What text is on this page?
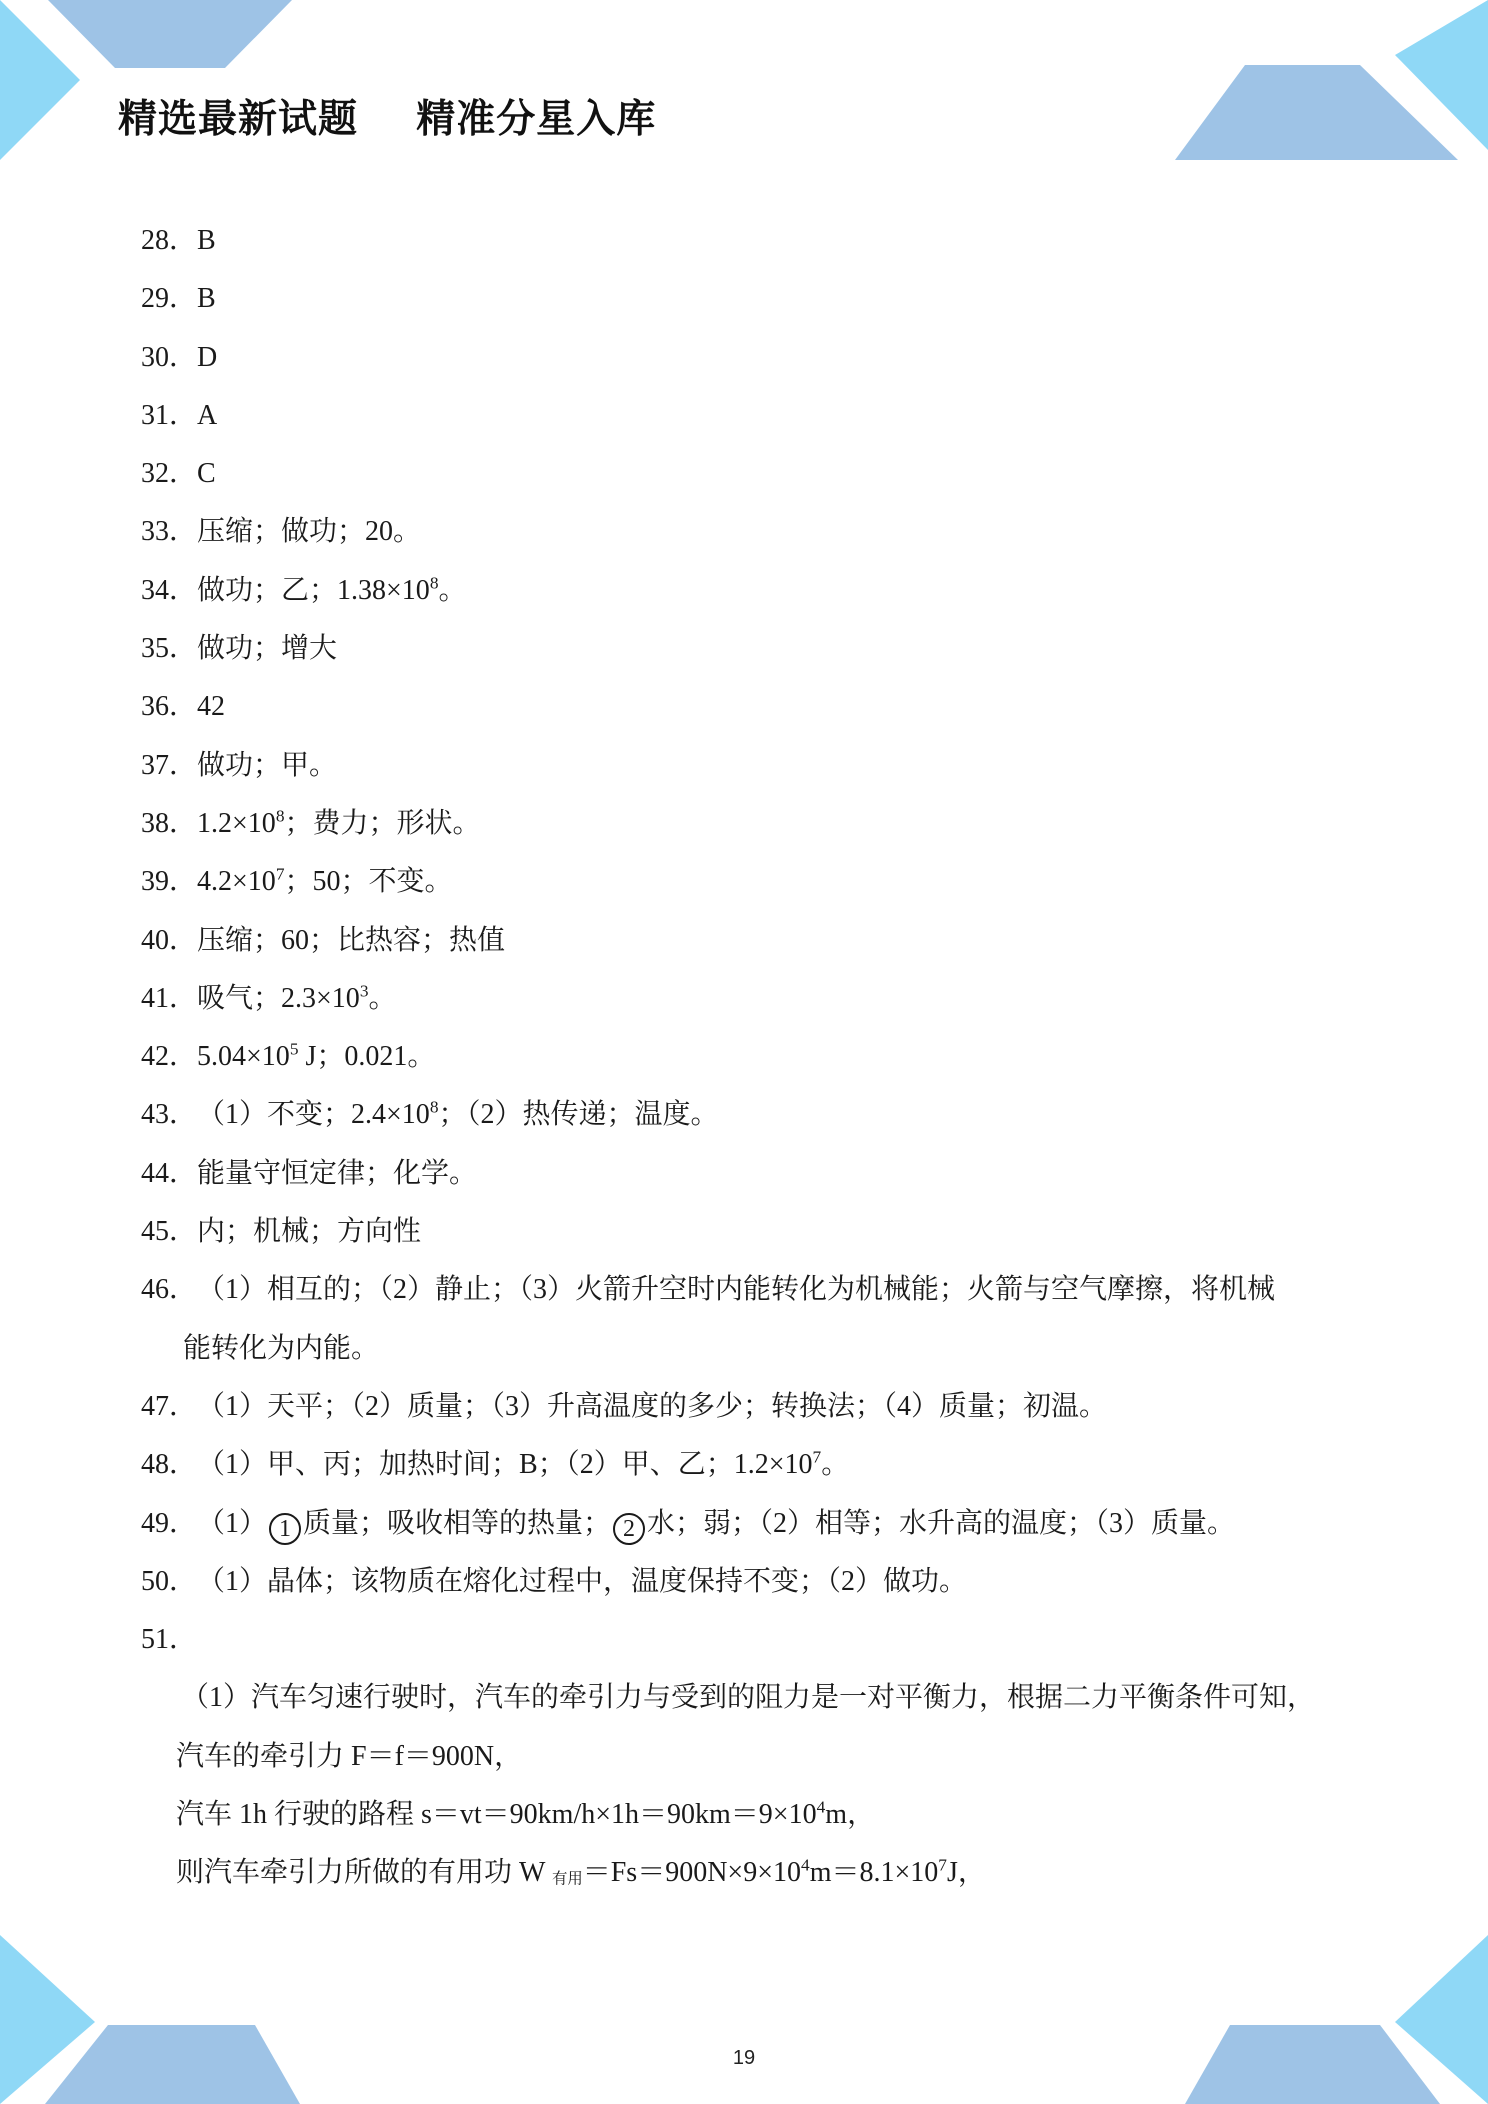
精选最新试题    精准分星入库
28．B
29．B
30．D
31．A
32．C
33．压缩；做功；20。
34．做功；乙；$1.38\times 10^8$。
35．做功；增大
36．42
37．做功；甲。
38．$1.2\times 10^8$；费力；形状。
39．$4.2\times 10^7$；50；不变。
40．压缩；60；比热容；热值
41．吸气；$2.3\times 10^3$。
42．$5.04\times 10^5$ J；0.021。
43．（1）不变；$2.4\times 10^8$；（2）热传递；温度。
44．能量守恒定律；化学。
45．内；机械；方向性
46．（1）相互的；（2）静止；（3）火箭升空时内能转化为机械能；火箭与空气摩擦，将机械
能转化为内能。
47．（1）天平；（2）质量；（3）升高温度的多少；转换法；（4）质量；初温。
48．（1）甲、丙；加热时间；B；（2）甲、乙；$1.2\times 10^7$。
49．（1） 1 质量；吸收相等的热量； 2 水；弱；（2）相等；水升高的温度；（3）质量。
50．（1）晶体；该物质在熔化过程中，温度保持不变；（2）做功。
51．
（1）汽车匀速行驶时，汽车的牵引力与受到的阻力是一对平衡力，根据二力平衡条件可知，
汽车的牵引力 F＝f＝900N，
汽车 1h 行驶的路程 $s=vt=90km/h\times 1h=90km=9\times 10^4m$，
则汽车牵引力所做的有用功 W 有用$=Fs=900N\times 9\times 10^4m=8.1\times 10^7J$，
19
